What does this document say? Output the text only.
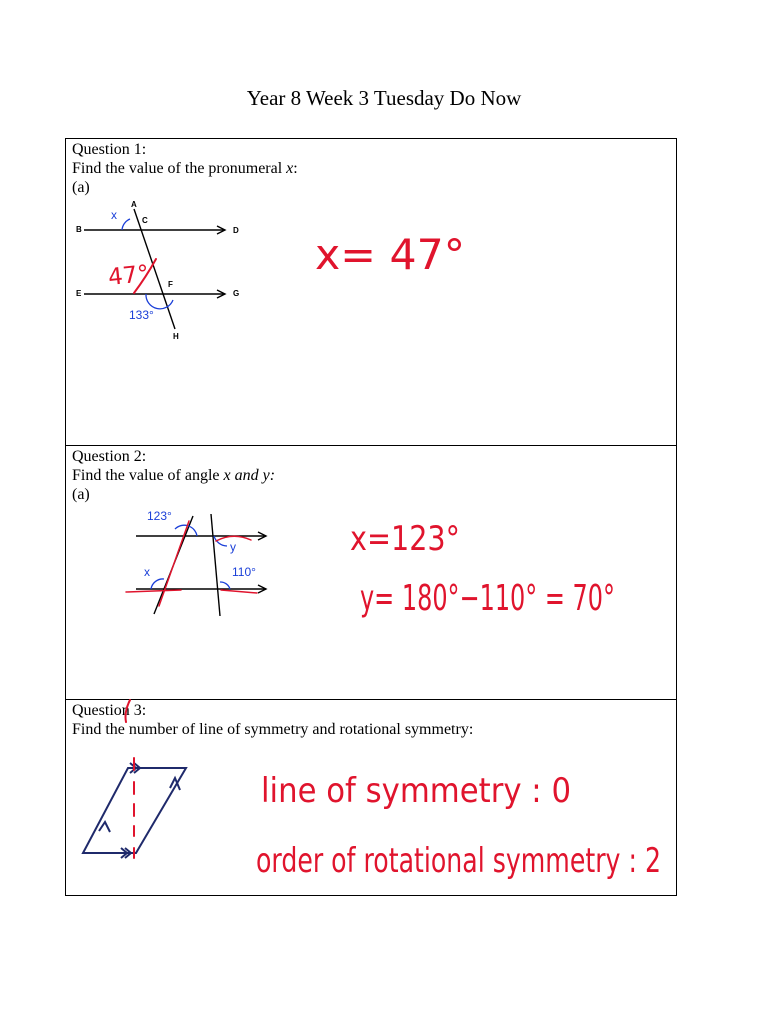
Year 8 Week 3 Tuesday Do Now
Question 1:
Find the value of the pronumeral x:
(a)
A
B
C
D
E
F
G
H
x
133°
47°	x= 47°
Question 2:
Find the value of angle x and y:
(a)
123°
y
x	110°
x=123°
y= 180°−110° = 70°
Question 3:
Find the number of line of symmetry and rotational symmetry:
line of symmetry : 0
order of rotational symmetry : 2
